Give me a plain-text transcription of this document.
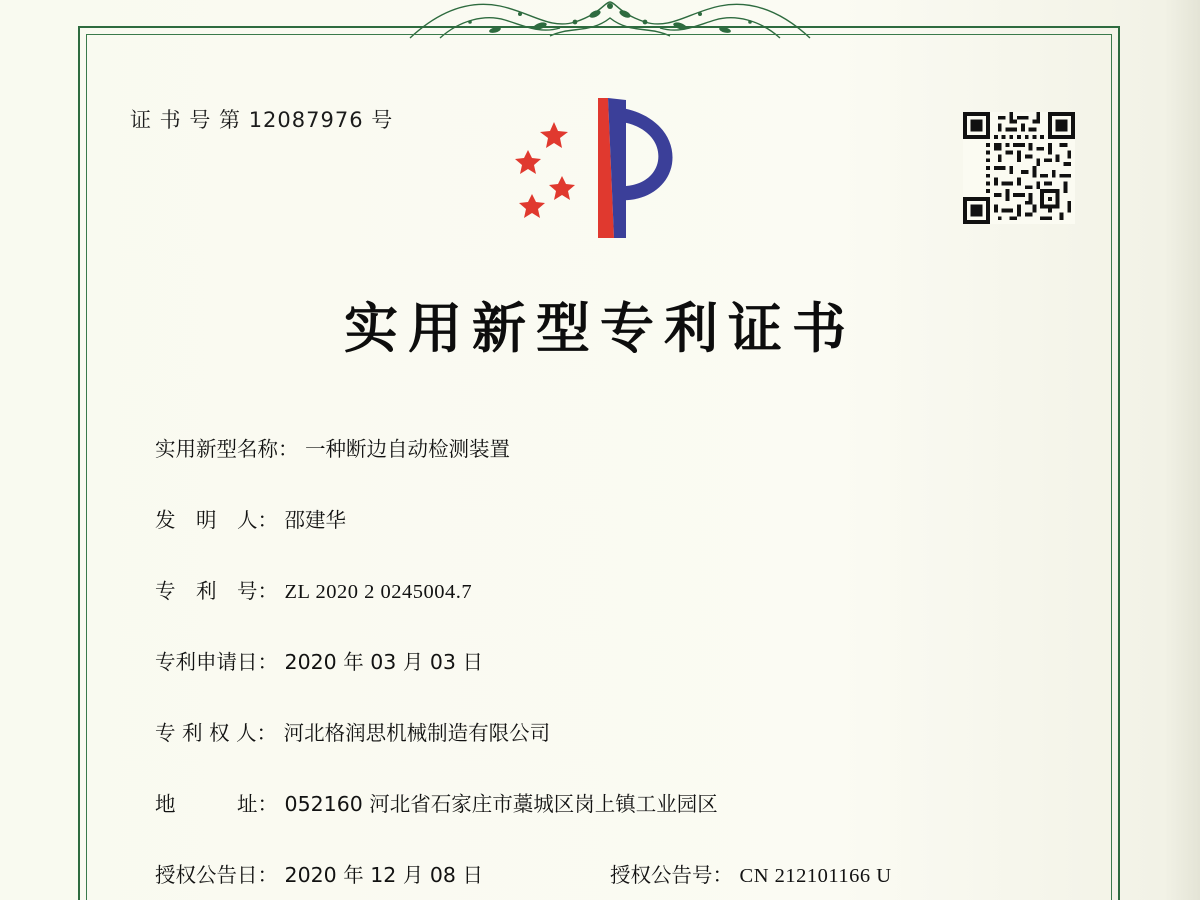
证 书 号 第 12087976 号
实用新型专利证书
实用新型名称： 一种断边自动检测装置
发　明　人： 邵建华
专　利　号： ZL 2020 2 0245004.7
专利申请日： 2020 年 03 月 03 日
专 利 权 人： 河北格润思机械制造有限公司
地　　　址： 052160 河北省石家庄市藁城区岗上镇工业园区
授权公告日： 2020 年 12 月 08 日	授权公告号： CN 212101166 U
